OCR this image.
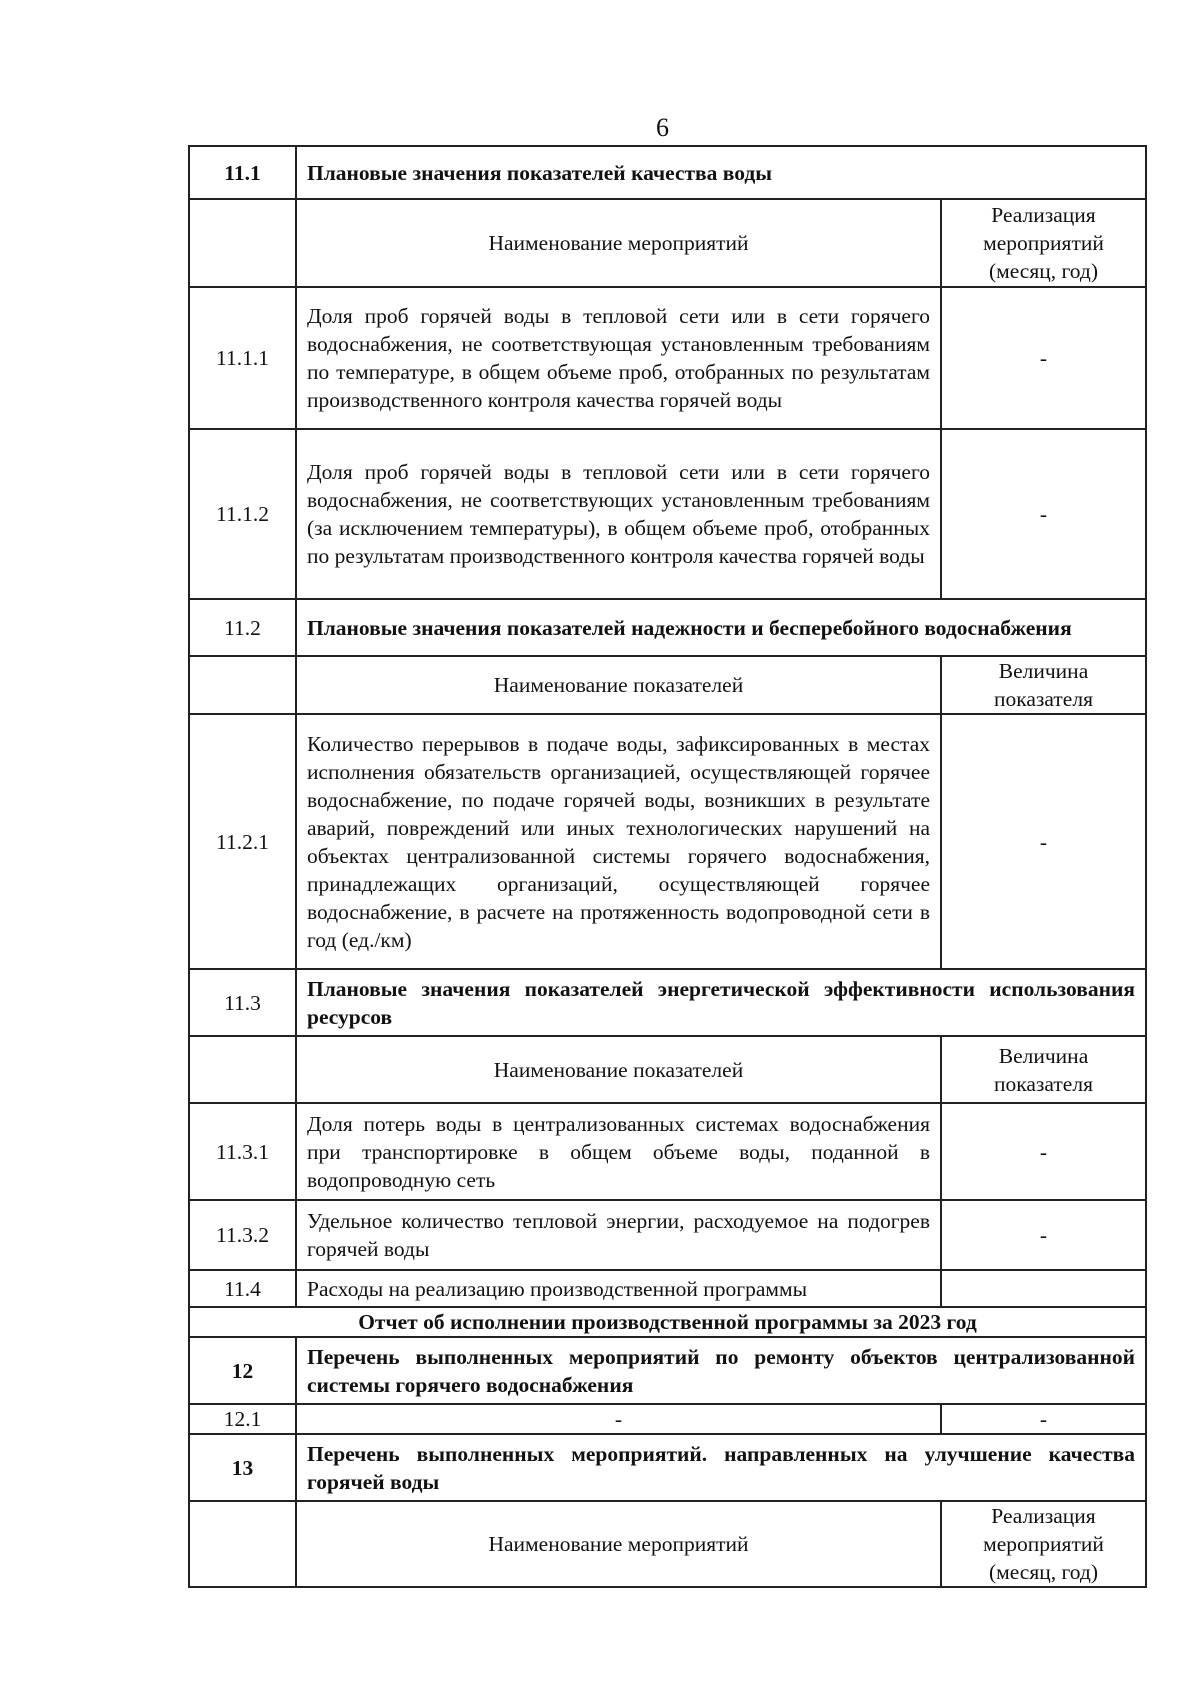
6
11.1	Плановые значения показателей качества воды	
	Наименование мероприятий	Реализация мероприятий (месяц, год)
11.1.1	Доля проб горячей воды в тепловой сети или в сети горячего водоснабжения, не соответствующая установленным требованиям по температуре, в общем объеме проб, отобранных по результатам производственного контроля качества горячей воды	-
11.1.2	Доля проб горячей воды в тепловой сети или в сети горячего водоснабжения, не соответствующих установленным требованиям (за исключением температуры), в общем объеме проб, отобранных по результатам производственного контроля качества горячей воды	-
11.2	Плановые значения показателей надежности и бесперебойного водоснабжения	
	Наименование показателей	Величина показателя
11.2.1	Количество перерывов в подаче воды, зафиксированных в местах исполнения обязательств организацией, осуществляющей горячее водоснабжение, по подаче горячей воды, возникших в результате аварий, повреждений или иных технологических нарушений на объектах централизованной системы горячего водоснабжения, принадлежащих организаций, осуществляющей горячее водоснабжение, в расчете на протяженность водопроводной сети в год (ед./км)	-
11.3	Плановые значения показателей энергетической эффективности использования ресурсов	
	Наименование показателей	Величина показателя
11.3.1	Доля потерь воды в централизованных системах водоснабжения при транспортировке в общем объеме воды, поданной в водопроводную сеть	-
11.3.2	Удельное количество тепловой энергии, расходуемое на подогрев горячей воды	-
11.4	Расходы на реализацию производственной программы	
Отчет об исполнении производственной программы за 2023 год		
12	Перечень выполненных мероприятий по ремонту объектов централизованной системы горячего водоснабжения	
12.1	-	-
13	Перечень выполненных мероприятий. направленных на улучшение качества горячей воды	
	Наименование мероприятий	Реализация мероприятий (месяц, год)
